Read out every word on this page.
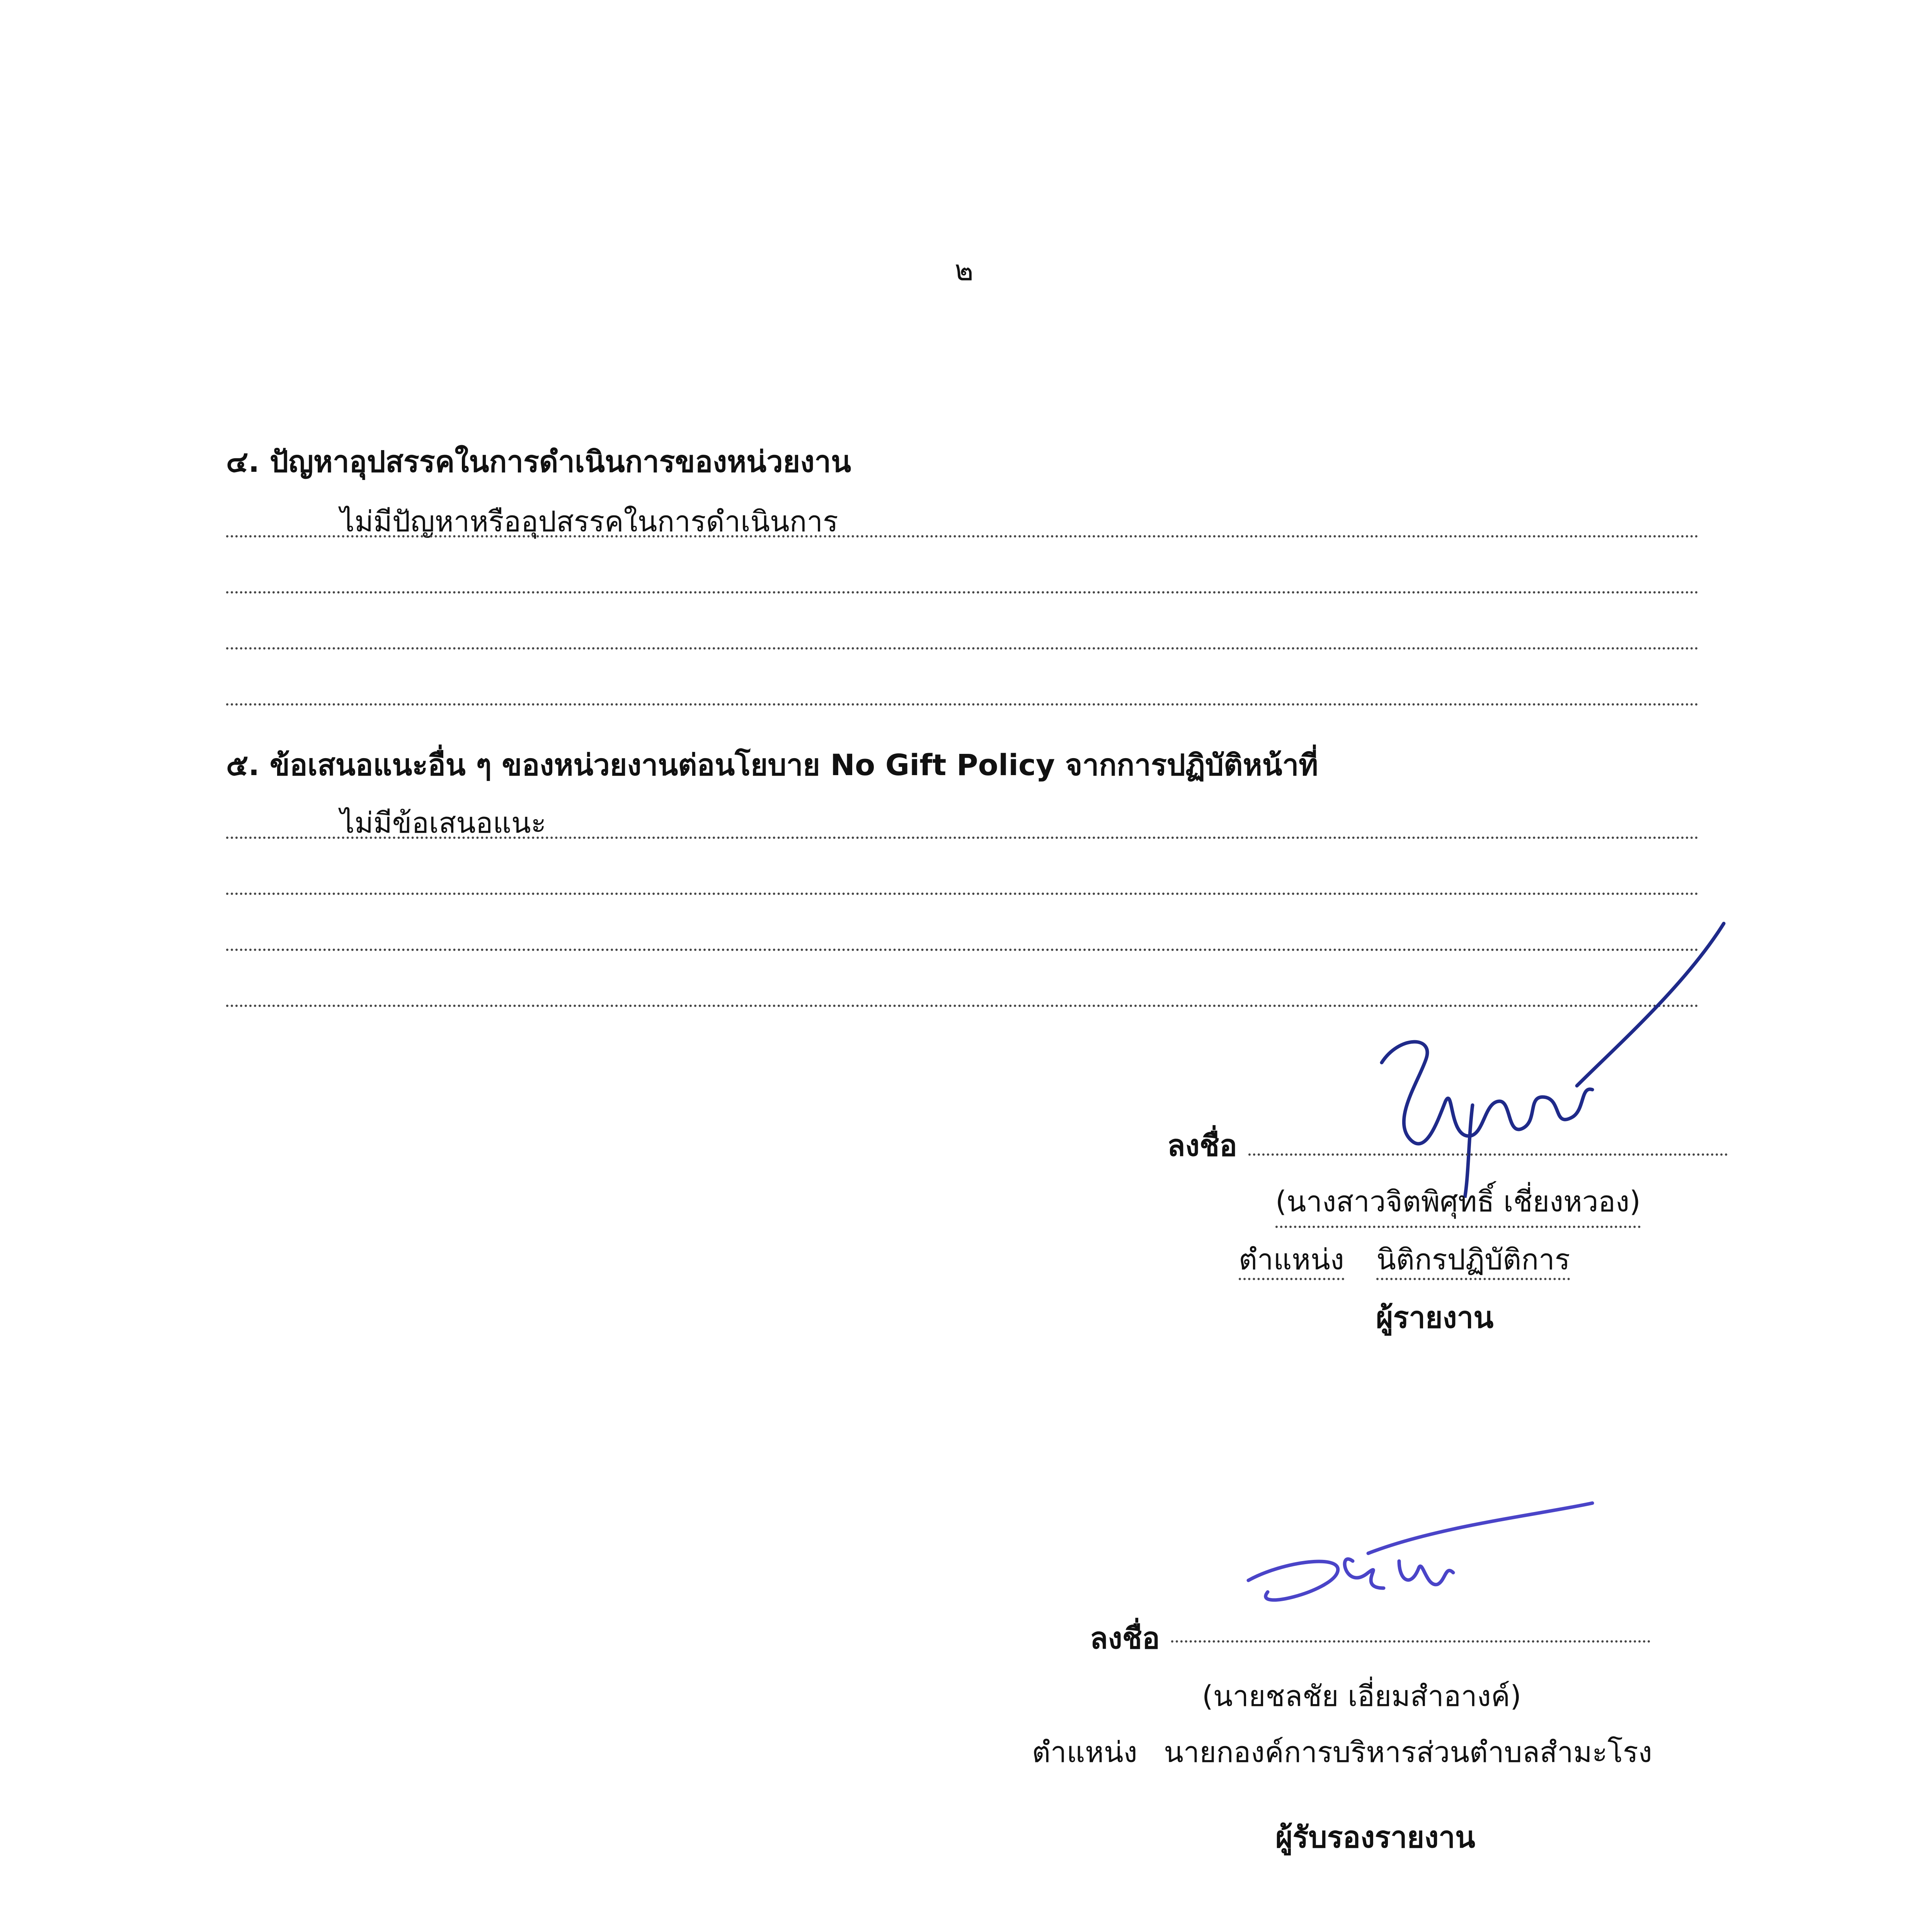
๒
๔. ปัญหาอุปสรรคในการดำเนินการของหน่วยงาน
ไม่มีปัญหาหรืออุปสรรคในการดำเนินการ
๕. ข้อเสนอแนะอื่น ๆ ของหน่วยงานต่อนโยบาย No Gift Policy จากการปฏิบัติหน้าที่
ไม่มีข้อเสนอแนะ
ลงชื่อ
(นางสาวจิตพิศุทธิ์ เชี่ยงหวอง)
ตำแหน่ง นิติกรปฏิบัติการ
ผู้รายงาน
ลงชื่อ
(นายชลชัย เอี่ยมสำอางค์)
ตำแหน่ง นายกองค์การบริหารส่วนตำบลสำมะโรง
ผู้รับรองรายงาน
